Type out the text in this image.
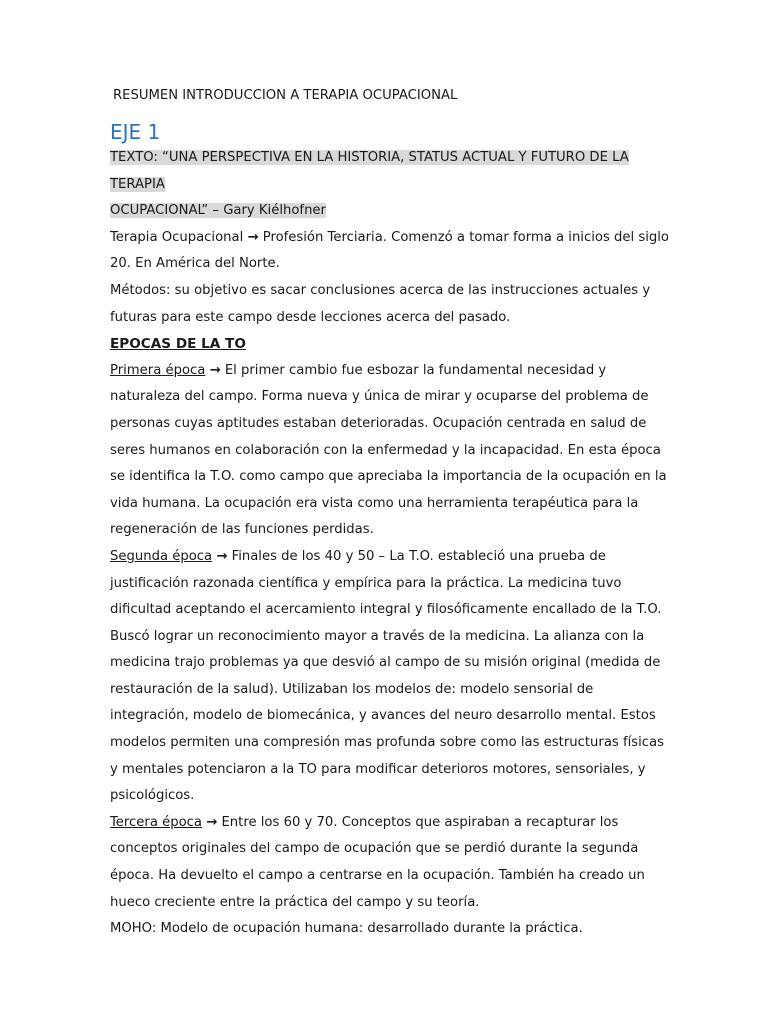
RESUMEN INTRODUCCION A TERAPIA OCUPACIONAL

EJE 1

TEXTO: “UNA PERSPECTIVA EN LA HISTORIA, STATUS ACTUAL Y FUTURO DE LA TERAPIA
OCUPACIONAL” – Gary Kiélhofner

Terapia Ocupacional → Profesión Terciaria. Comenzó a tomar forma a inicios del siglo 20. En América del Norte.

Métodos: su objetivo es sacar conclusiones acerca de las instrucciones actuales y futuras para este campo desde lecciones acerca del pasado.

EPOCAS DE LA TO

Primera época → El primer cambio fue esbozar la fundamental necesidad y naturaleza del campo. Forma nueva y única de mirar y ocuparse del problema de personas cuyas aptitudes estaban deterioradas. Ocupación centrada en salud de seres humanos en colaboración con la enfermedad y la incapacidad. En esta época se identifica la T.O. como campo que apreciaba la importancia de la ocupación en la vida humana. La ocupación era vista como una herramienta terapéutica para la regeneración de las funciones perdidas.

Segunda época → Finales de los 40 y 50 – La T.O. estableció una prueba de justificación razonada científica y empírica para la práctica. La medicina tuvo dificultad aceptando el acercamiento integral y filosóficamente encallado de la T.O. Buscó lograr un reconocimiento mayor a través de la medicina. La alianza con la medicina trajo problemas ya que desvió al campo de su misión original (medida de restauración de la salud). Utilizaban los modelos de: modelo sensorial de integración, modelo de biomecánica, y avances del neuro desarrollo mental. Estos modelos permiten una compresión mas profunda sobre como las estructuras físicas y mentales potenciaron a la TO para modificar deterioros motores, sensoriales, y psicológicos.

Tercera época → Entre los 60 y 70. Conceptos que aspiraban a recapturar los conceptos originales del campo de ocupación que se perdió durante la segunda época. Ha devuelto el campo a centrarse en la ocupación. También ha creado un hueco creciente entre la práctica del campo y su teoría.

MOHO: Modelo de ocupación humana: desarrollado durante la práctica.
